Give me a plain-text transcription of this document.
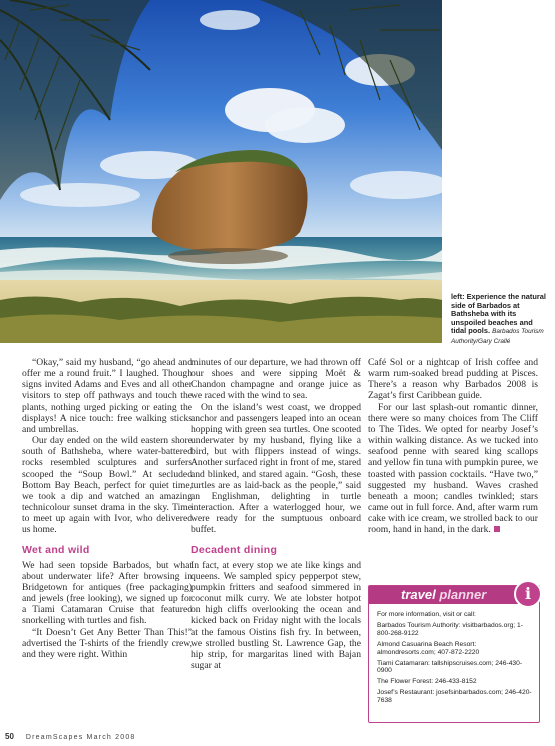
left: Experience the natural side of Barbados at Bathsheba with its unspoiled beaches and tidal pools. Barbados Tourism Authority/Gary Crallé

“Okay,” said my husband, “go ahead and offer me a round fruit.” I laughed. Though signs invited Adams and Eves and all other visitors to step off pathways and touch the plants, nothing urged picking or eating the displays! A nice touch: free walking sticks and umbrellas.

Our day ended on the wild eastern shore south of Bathsheba, where water-battered rocks resembled sculptures and surfers scooped the “Soup Bowl.” At secluded Bottom Bay Beach, perfect for quiet time, we took a dip and watched an amazing technicolour sunset drama in the sky. Time to meet up again with Ivor, who delivered us home.

Wet and wild

We had seen topside Barbados, but what about underwater life? After browsing in Bridgetown for antiques (free packaging) and jewels (free looking), we signed up for a Tiami Catamaran Cruise that featured snorkelling with turtles and fish.

“It Doesn’t Get Any Better Than This!” advertised the T-shirts of the friendly crew, and they were right. Within

minutes of our departure, we had thrown off our shoes and were sipping Moët & Chandon champagne and orange juice as we raced with the wind to sea.

On the island’s west coast, we dropped anchor and passengers leaped into an ocean hopping with green sea turtles. One scooted underwater by my husband, flying like a bird, but with flippers instead of wings. Another surfaced right in front of me, stared and blinked, and stared again. “Gosh, these turtles are as laid-back as the people,” said an Englishman, delighting in turtle interaction. After a waterlogged hour, we were ready for the sumptuous onboard buffet.

Decadent dining

In fact, at every stop we ate like kings and queens. We sampled spicy pepperpot stew, pumpkin fritters and seafood simmered in coconut milk curry. We ate lobster hotpot on high cliffs overlooking the ocean and kicked back on Friday night with the locals at the famous Oistins fish fry. In between, we strolled bustling St. Lawrence Gap, the hip strip, for margaritas lined with Bajan sugar at

Café Sol or a nightcap of Irish coffee and warm rum-soaked bread pudding at Pisces. There’s a reason why Barbados 2008 is Zagat’s first Caribbean guide.

For our last splash-out romantic dinner, there were so many choices from The Cliff to The Tides. We opted for nearby Josef’s within walking distance. As we tucked into seafood penne with seared king scallops and yellow fin tuna with pumpkin puree, we toasted with passion cocktails. “Have two,” suggested my husband. Waves crashed beneath a moon; candles twinkled; stars came out in full force. And, after warm rum cake with ice cream, we strolled back to our room, hand in hand, in the dark.

travel planner	i
For more information, visit or call:
Barbados Tourism Authority: visitbarbados.org; 1-800-268-9122
Almond Casuarina Beach Resort: almondresorts.com; 407-872-2220
Tiami Catamaran: tallshipscruises.com; 246-430-0900
The Flower Forest: 246-433-8152
Josef’s Restaurant: josefsinbarbados.com; 246-420-7638
50 DreamScapes March 2008
